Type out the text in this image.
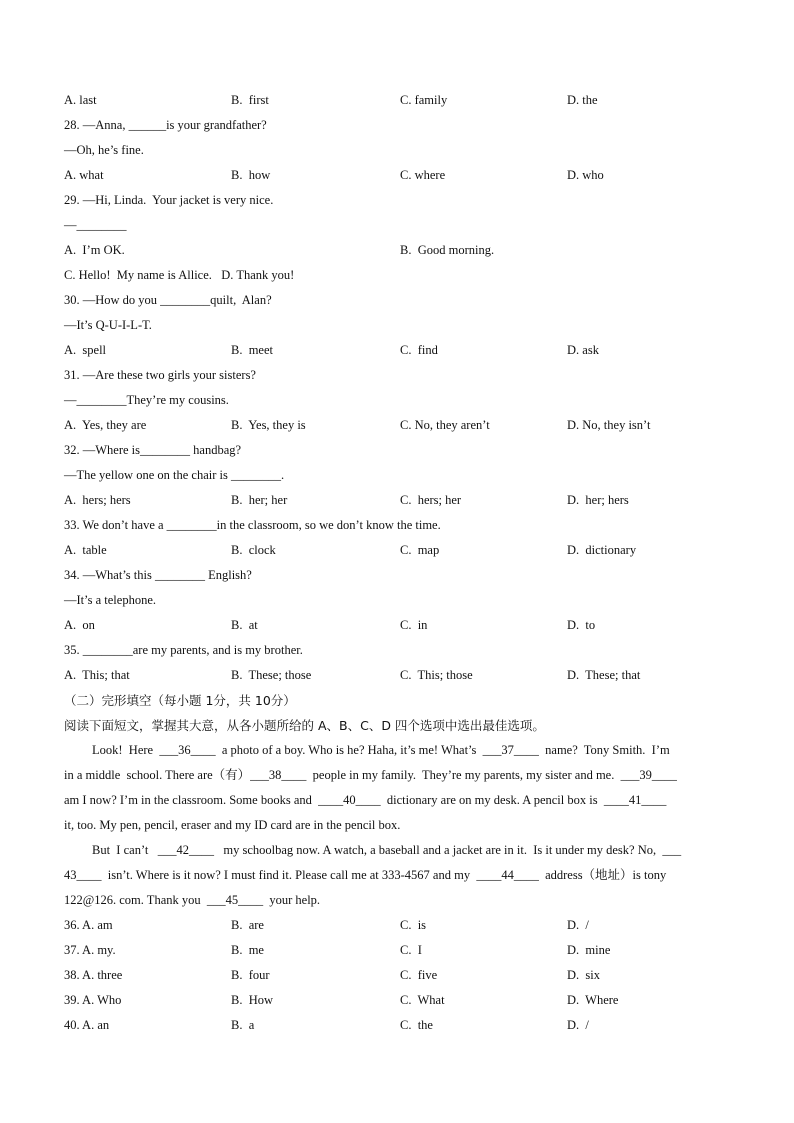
A. last	B.  first	C. family	D. the
28. —Anna, ______is your grandfather?
—Oh, he’s fine.
A. what	B.  how	C. where	D. who
29. —Hi, Linda.  Your jacket is very nice.
—________
A.  I’m OK.	B.  Good morning.
C. Hello!  My name is Allice.   D. Thank you!
30. —How do you ________quilt,  Alan?
—It’s Q-U-I-L-T.
A.  spell	B.  meet	C.  find	D. ask
31. —Are these two girls your sisters?
—________They’re my cousins.
A.  Yes, they are	B.  Yes, they is	C. No, they aren’t	D. No, they isn’t
32. —Where is________ handbag?
—The yellow one on the chair is ________.
A.  hers; hers	B.  her; her	C.  hers; her	D.  her; hers
33. We don’t have a ________in the classroom, so we don’t know the time.
A.  table	B.  clock	C.  map	D.  dictionary
34. —What’s this ________ English?
—It’s a telephone.
A.  on	B.  at	C.  in	D.  to
35. ________are my parents, and is my brother.
A.  This; that	B.  These; those	C.  This; those	D.  These; that
（二）完形填空（每小题 1分，共 10分）
阅读下面短文，掌握其大意，从各小题所给的 A、B、C、D 四个选项中选出最佳选项。
Look!  Here  ___36____  a photo of a boy. Who is he? Haha, it’s me! What’s  ___37____  name?  Tony Smith.  I’m
in a middle  school. There are（有）___38____  people in my family.  They’re my parents, my sister and me.  ___39____
am I now? I’m in the classroom. Some books and  ____40____  dictionary are on my desk. A pencil box is  ____41____
it, too. My pen, pencil, eraser and my ID card are in the pencil box.
But  I can’t   ___42____   my schoolbag now. A watch, a baseball and a jacket are in it.  Is it under my desk? No,  ___
43____  isn’t. Where is it now? I must find it. Please call me at 333-4567 and my  ____44____  address（地址）is tony
122@126. com. Thank you  ___45____  your help.
36. A. am	B.  are	C.  is	D.  /
37. A. my.	B.  me	C.  I	D.  mine
38. A. three	B.  four	C.  five	D.  six
39. A. Who	B.  How	C.  What	D.  Where
40. A. an	B.  a	C.  the	D.  /
